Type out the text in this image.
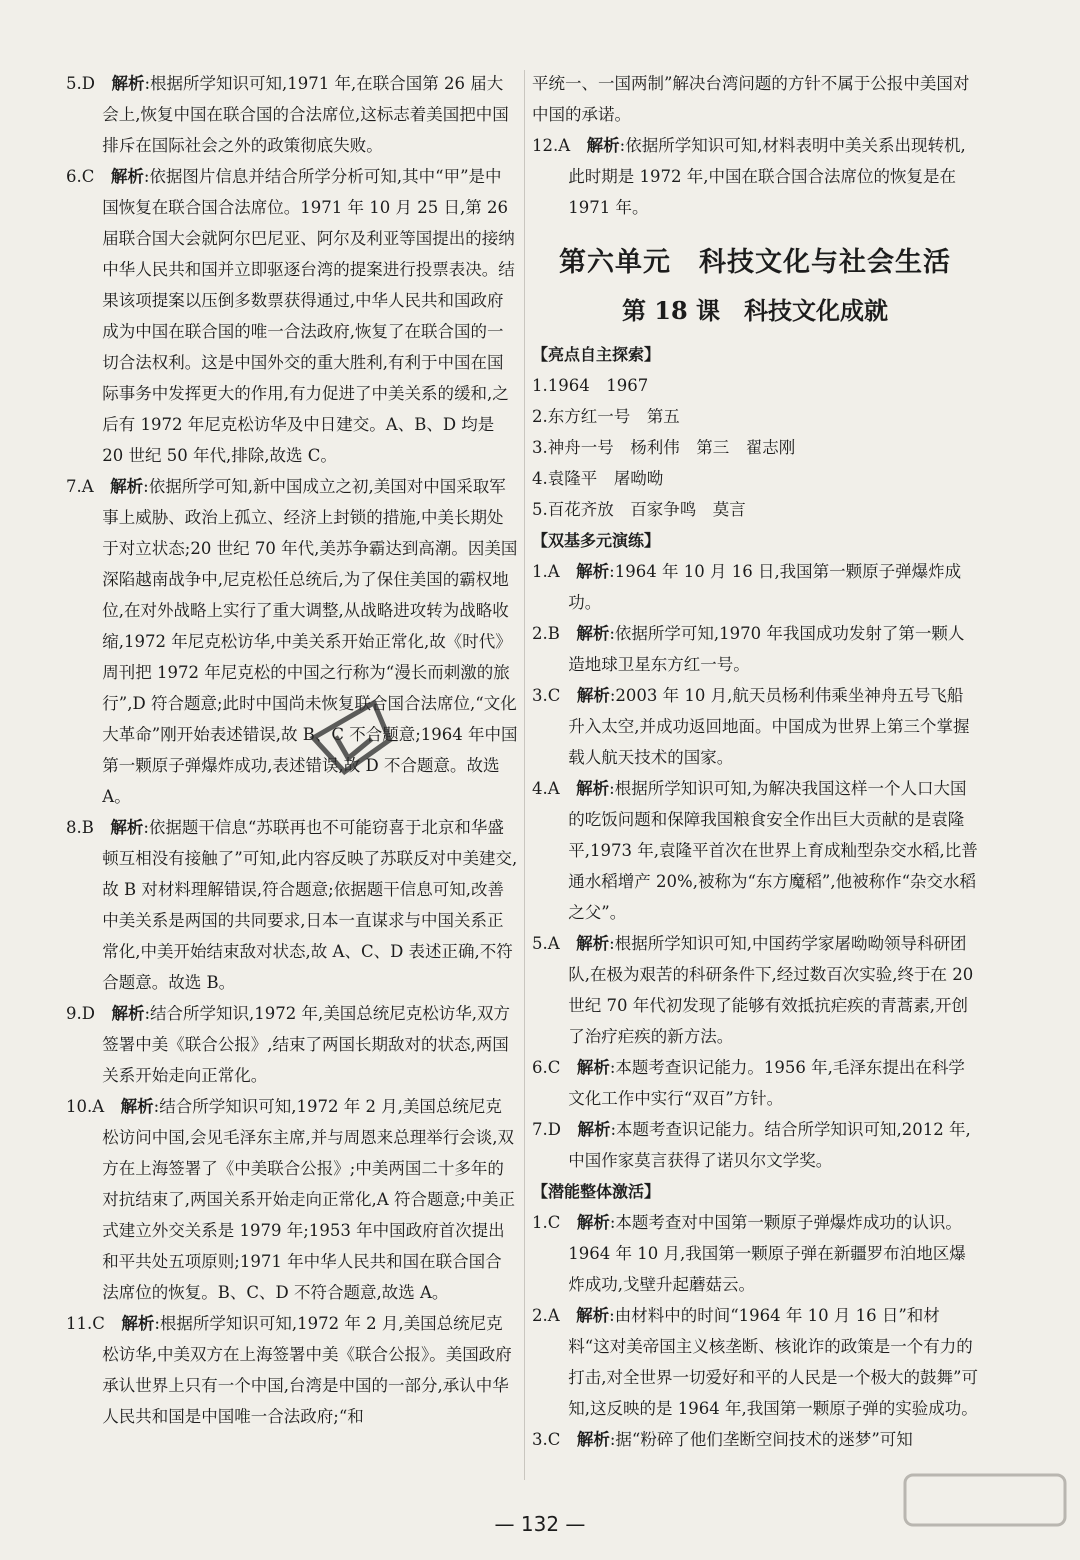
5.D　解析:根据所学知识可知,1971 年,在联合国第 26 届大会上,恢复中国在联合国的合法席位,这标志着美国把中国排斥在国际社会之外的政策彻底失败。
6.C　解析:依据图片信息并结合所学分析可知,其中“甲”是中国恢复在联合国合法席位。1971 年 10 月 25 日,第 26 届联合国大会就阿尔巴尼亚、阿尔及利亚等国提出的接纳中华人民共和国并立即驱逐台湾的提案进行投票表决。结果该项提案以压倒多数票获得通过,中华人民共和国政府成为中国在联合国的唯一合法政府,恢复了在联合国的一切合法权利。这是中国外交的重大胜利,有利于中国在国际事务中发挥更大的作用,有力促进了中美关系的缓和,之后有 1972 年尼克松访华及中日建交。A、B、D 均是 20 世纪 50 年代,排除,故选 C。
7.A　解析:依据所学可知,新中国成立之初,美国对中国采取军事上威胁、政治上孤立、经济上封锁的措施,中美长期处于对立状态;20 世纪 70 年代,美苏争霸达到高潮。因美国深陷越南战争中,尼克松任总统后,为了保住美国的霸权地位,在对外战略上实行了重大调整,从战略进攻转为战略收缩,1972 年尼克松访华,中美关系开始正常化,故《时代》周刊把 1972 年尼克松的中国之行称为“漫长而刺激的旅行”,D 符合题意;此时中国尚未恢复联合国合法席位,“文化大革命”刚开始表述错误,故 B、C 不合题意;1964 年中国第一颗原子弹爆炸成功,表述错误,故 D 不合题意。故选 A。
8.B　解析:依据题干信息“苏联再也不可能窃喜于北京和华盛顿互相没有接触了”可知,此内容反映了苏联反对中美建交,故 B 对材料理解错误,符合题意;依据题干信息可知,改善中美关系是两国的共同要求,日本一直谋求与中国关系正常化,中美开始结束敌对状态,故 A、C、D 表述正确,不符合题意。故选 B。
9.D　解析:结合所学知识,1972 年,美国总统尼克松访华,双方签署中美《联合公报》,结束了两国长期敌对的状态,两国关系开始走向正常化。
10.A　解析:结合所学知识可知,1972 年 2 月,美国总统尼克松访问中国,会见毛泽东主席,并与周恩来总理举行会谈,双方在上海签署了《中美联合公报》;中美两国二十多年的对抗结束了,两国关系开始走向正常化,A 符合题意;中美正式建立外交关系是 1979 年;1953 年中国政府首次提出和平共处五项原则;1971 年中华人民共和国在联合国合法席位的恢复。B、C、D 不符合题意,故选 A。
11.C　解析:根据所学知识可知,1972 年 2 月,美国总统尼克松访华,中美双方在上海签署中美《联合公报》。美国政府承认世界上只有一个中国,台湾是中国的一部分,承认中华人民共和国是中国唯一合法政府;“和
平统一、一国两制”解决台湾问题的方针不属于公报中美国对中国的承诺。
12.A　解析:依据所学知识可知,材料表明中美关系出现转机,此时期是 1972 年,中国在联合国合法席位的恢复是在 1971 年。
第六单元　科技文化与社会生活
第 18 课　科技文化成就
【亮点自主探索】
1.1964　1967
2.东方红一号　第五
3.神舟一号　杨利伟　第三　翟志刚
4.袁隆平　屠呦呦
5.百花齐放　百家争鸣　莫言
【双基多元演练】
1.A　解析:1964 年 10 月 16 日,我国第一颗原子弹爆炸成功。
2.B　解析:依据所学可知,1970 年我国成功发射了第一颗人造地球卫星东方红一号。
3.C　解析:2003 年 10 月,航天员杨利伟乘坐神舟五号飞船升入太空,并成功返回地面。中国成为世界上第三个掌握载人航天技术的国家。
4.A　解析:根据所学知识可知,为解决我国这样一个人口大国的吃饭问题和保障我国粮食安全作出巨大贡献的是袁隆平,1973 年,袁隆平首次在世界上育成籼型杂交水稻,比普通水稻增产 20%,被称为“东方魔稻”,他被称作“杂交水稻之父”。
5.A　解析:根据所学知识可知,中国药学家屠呦呦领导科研团队,在极为艰苦的科研条件下,经过数百次实验,终于在 20 世纪 70 年代初发现了能够有效抵抗疟疾的青蒿素,开创了治疗疟疾的新方法。
6.C　解析:本题考查识记能力。1956 年,毛泽东提出在科学文化工作中实行“双百”方针。
7.D　解析:本题考查识记能力。结合所学知识可知,2012 年,中国作家莫言获得了诺贝尔文学奖。
【潜能整体激活】
1.C　解析:本题考查对中国第一颗原子弹爆炸成功的认识。1964 年 10 月,我国第一颗原子弹在新疆罗布泊地区爆炸成功,戈壁升起蘑菇云。
2.A　解析:由材料中的时间“1964 年 10 月 16 日”和材料“这对美帝国主义核垄断、核讹诈的政策是一个有力的打击,对全世界一切爱好和平的人民是一个极大的鼓舞”可知,这反映的是 1964 年,我国第一颗原子弹的实验成功。
3.C　解析:据“粉碎了他们垄断空间技术的迷梦”可知
— 132 —
